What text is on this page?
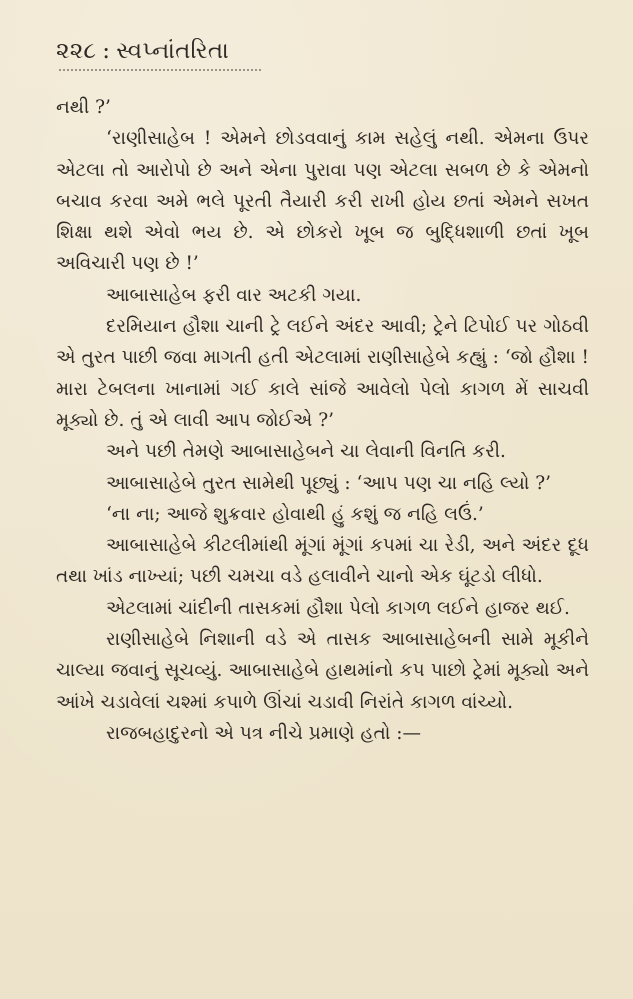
૨૨૮ : સ્વપ્નાંતરિતા

નથી ?’

‘રાણીસાહેબ ! એમને છોડવવાનું કામ સહેલું નથી. એમના ઉપર એટલા તો આરોપો છે અને એના પુરાવા પણ એટલા સબળ છે કે એમનો બચાવ કરવા અમે ભલે પૂરતી તૈયારી કરી રાખી હોય છતાં એમને સખત શિક્ષા થશે એવો ભય છે. એ છોકરો ખૂબ જ બુદ્ધિશાળી છતાં ખૂબ અવિચારી પણ છે !’

આબાસાહેબ ફરી વાર અટકી ગયા.

દરમિયાન હૌશા ચાની ટ્રે લઈને અંદર આવી; ટ્રેને ટિપોઈ પર ગોઠવી એ તુરત પાછી જવા માગતી હતી એટલામાં રાણીસાહેબે કહ્યું : ‘જો હૌશા ! મારા ટેબલના ખાનામાં ગઈ કાલે સાંજે આવેલો પેલો કાગળ મેં સાચવી મૂક્યો છે. તું એ લાવી આપ જોઈએ ?’

અને પછી તેમણે આબાસાહેબને ચા લેવાની વિનતિ કરી.

આબાસાહેબે તુરત સામેથી પૂછ્યું : ‘આપ પણ ચા નહિ લ્યો ?’

‘ના ના; આજે શુક્રવાર હોવાથી હું કશું જ નહિ લઉં.’

આબાસાહેબે કીટલીમાંથી મૂંગાં મૂંગાં કપમાં ચા રેડી, અને અંદર દૂધ તથા ખાંડ નાખ્યાં; પછી ચમચા વડે હલાવીને ચાનો એક ઘૂંટડો લીધો.

એટલામાં ચાંદીની તાસકમાં હૌશા પેલો કાગળ લઈને હાજર થઈ.

રાણીસાહેબે નિશાની વડે એ તાસક આબાસાહેબની સામે મૂકીને ચાલ્યા જવાનું સૂચવ્યું. આબાસાહેબે હાથમાંનો કપ પાછો ટ્રેમાં મૂક્યો અને આંખે ચડાવેલાં ચશ્માં કપાળે ઊંચાં ચડાવી નિરાંતે કાગળ વાંચ્યો.

રાજબહાદુરનો એ પત્ર નીચે પ્રમાણે હતો :—
